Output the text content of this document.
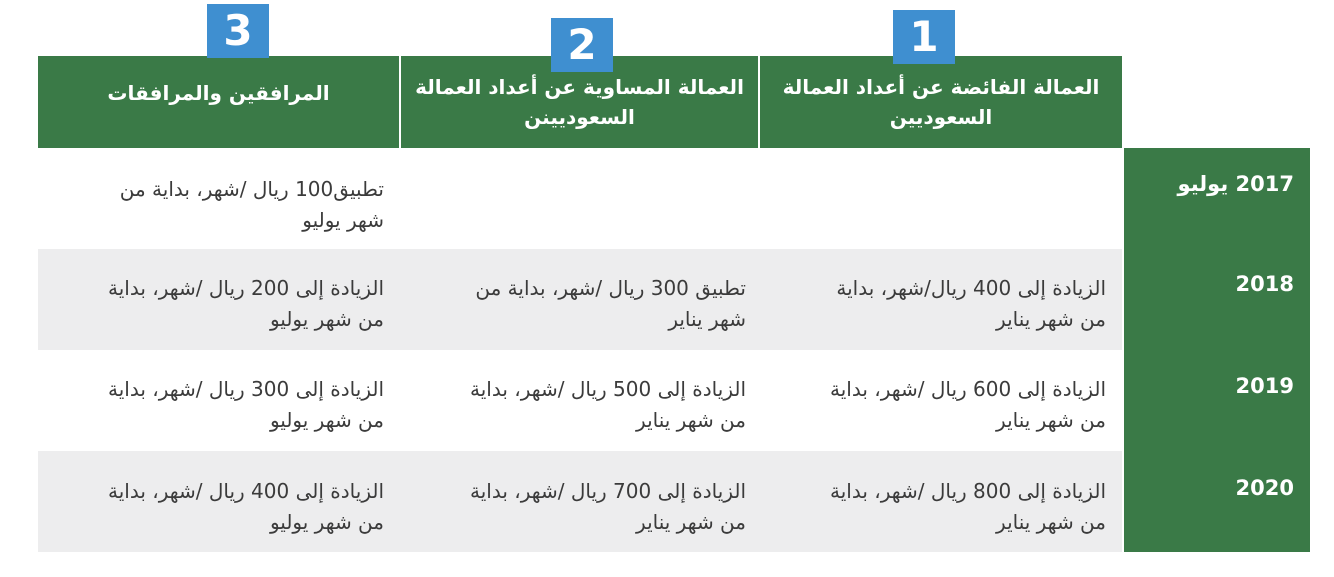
المرافقين والمرافقات	العمالة المساوية عن أعداد العمالة
السعوديينن
العمالة الفائضة عن أعداد العمالة
السعوديين
1
2
3
2017 يوليو
2018
2019
2020
تطبيق100 ريال /شهر، بداية من
شهر يوليو
الزيادة إلى 400 ريال/شهر، بداية
من شهر يناير
تطبيق 300 ريال /شهر، بداية من
شهر يناير
الزيادة إلى 200 ريال /شهر، بداية
من شهر يوليو
الزيادة إلى 600 ريال /شهر، بداية
من شهر يناير
الزيادة إلى 500 ريال /شهر، بداية
من شهر يناير
الزيادة إلى 300 ريال /شهر، بداية
من شهر يوليو
الزيادة إلى 800 ريال /شهر، بداية
من شهر يناير
الزيادة إلى 700 ريال /شهر، بداية
من شهر يناير
الزيادة إلى 400 ريال /شهر، بداية
من شهر يوليو
